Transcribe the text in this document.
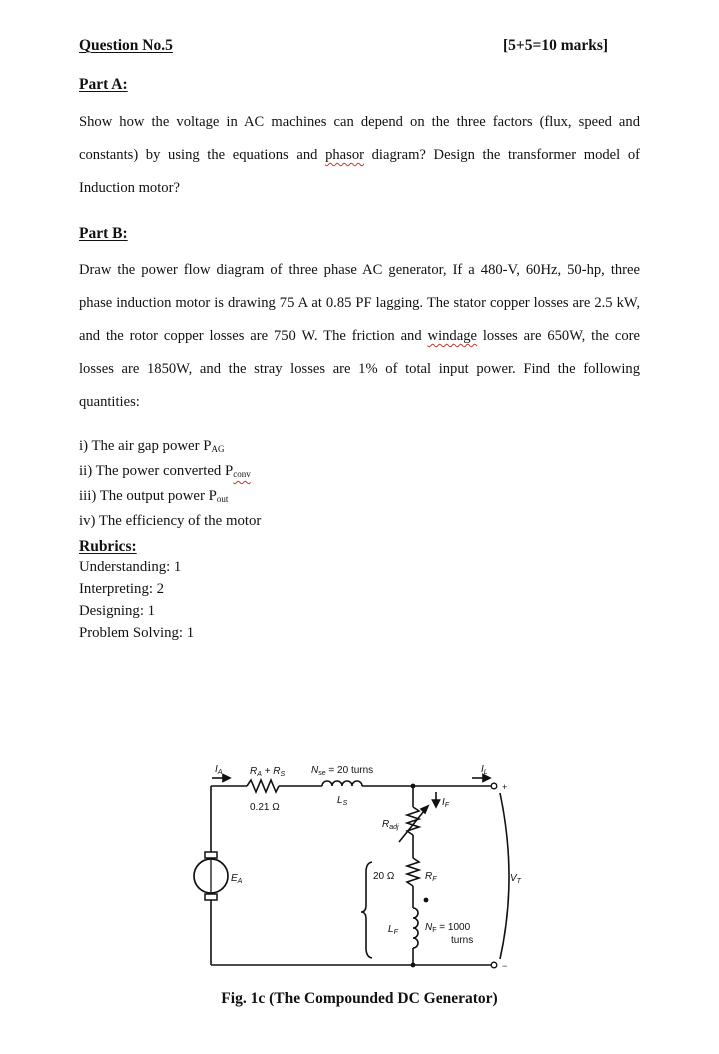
Question No.5	[5+5=10 marks]
Part A:

Show how the voltage in AC machines can depend on the three factors (flux, speed and constants) by using the equations and phasor diagram? Design the transformer model of Induction motor?

Part B:

Draw the power flow diagram of three phase AC generator, If a 480-V, 60Hz, 50-hp, three phase induction motor is drawing 75 A at 0.85 PF lagging. The stator copper losses are 2.5 kW, and the rotor copper losses are 750 W. The friction and windage losses are 650W, the core losses are 1850W, and the stray losses are 1% of total input power. Find the following quantities:

i) The air gap power $P_{AG}$
ii) The power converted $P_{conv}$
iii) The output power $P_{out}$
iv) The efficiency of the motor
Rubrics:
Understanding: 1
Interpreting: 2
Designing: 1
Problem Solving: 1
$I_A$	$R_A + R_S$
0.21 Ω
$N_{se} = 20$ turns
$L_S$
$I_L$
+
−
$R_{adj}$
$I_F$
$E_A$	20 Ω	$R_F$	$V_T$
$L_F$	$N_F = 1000$
turns
Fig. 1c (The Compounded DC Generator)
